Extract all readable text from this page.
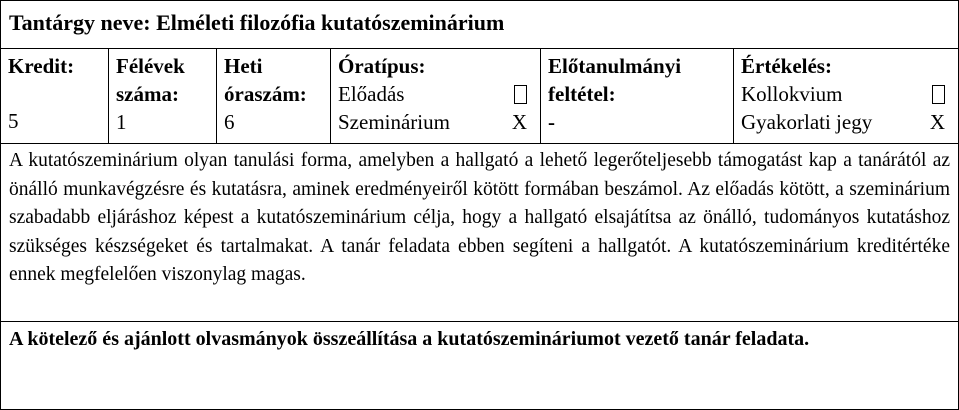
Tantárgy neve: Elméleti filozófia kutatószeminárium
Kredit:
5
Félévek
száma:
1
Heti
óraszám:
6
Óratípus:
Előadás
Szeminárium	X
Előtanulmányi
feltétel:
-
Értékelés:
Kollokvium
Gyakorlati jegy	X
A kutatószeminárium olyan tanulási forma, amelyben a hallgató a lehető legerőteljesebb támogatást kap a tanárától az önálló munkavégzésre és kutatásra, aminek eredményeiről kötött formában beszámol. Az előadás kötött, a szeminárium szabadabb eljáráshoz képest a kutatószeminárium célja, hogy a hallgató elsajátítsa az önálló, tudományos kutatáshoz szükséges készségeket és tartalmakat. A tanár feladata ebben segíteni a hallgatót. A kutatószeminárium kreditértéke ennek megfelelően viszonylag magas.
A kötelező és ajánlott olvasmányok összeállítása a kutatószemináriumot vezető tanár feladata.
